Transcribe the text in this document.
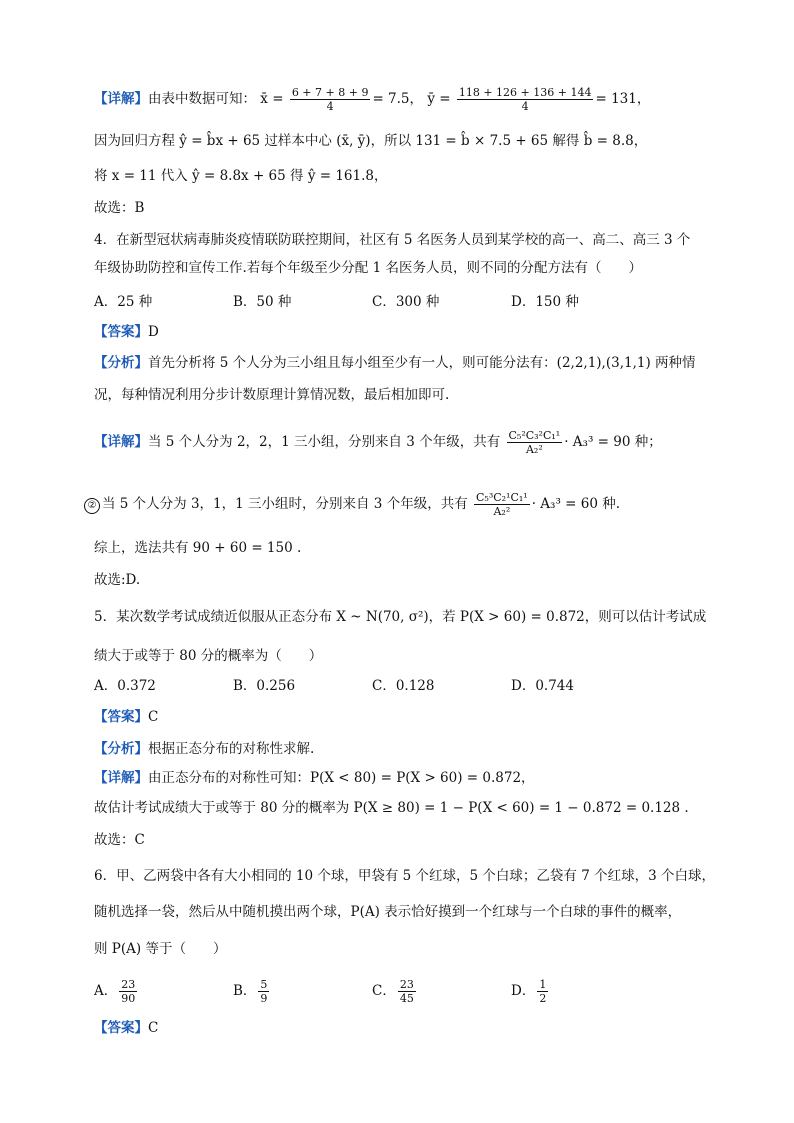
【详解】由表中数据可知： x̄ = $\frac{6 + 7 + 8 + 9}{4} = 7.5$， ȳ = $\frac{118 + 126 + 136 + 144}{4} = 131$，
因为回归方程 ŷ = b̂x + 65 过样本中心 (x̄, ȳ)，所以 131 = b̂ × 7.5 + 65 解得 b̂ = 8.8，
将 x = 11 代入 ŷ = 8.8x + 65 得 ŷ = 161.8，
故选：B
4．在新型冠状病毒肺炎疫情联防联控期间，社区有 5 名医务人员到某学校的高一、高二、高三 3 个
年级协助防控和宣传工作.若每个年级至少分配 1 名医务人员，则不同的分配方法有（　　）
A．25 种	B．50 种	C．300 种	D．150 种
【答案】D
【分析】首先分析将 5 个人分为三小组且每小组至少有一人，则可能分法有：(2,2,1),(3,1,1) 两种情
况，每种情况利用分步计数原理计算情况数，最后相加即可.
【详解】当 5 个人分为 2，2，1 三小组，分别来自 3 个年级，共有 $\frac{\text{C₅²C₃²C₁¹}}{\text{A₂²}} \cdot A_3^3 = 90$ 种；
② 当 5 个人分为 3，1，1 三小组时，分别来自 3 个年级，共有 $\frac{\text{C₅³C₂¹C₁¹}}{\text{A₂²}} \cdot A_3^3 = 60$ 种.
综上，选法共有 90 + 60 = 150 .
故选:D.
5．某次数学考试成绩近似服从正态分布 X ~ N(70, σ²)，若 P(X > 60) = 0.872，则可以估计考试成
绩大于或等于 80 分的概率为（　　）
A．0.372	B．0.256	C．0.128	D．0.744
【答案】C
【分析】根据正态分布的对称性求解.
【详解】由正态分布的对称性可知：P(X < 80) = P(X > 60) = 0.872，
故估计考试成绩大于或等于 80 分的概率为 P(X ≥ 80) = 1 − P(X < 60) = 1 − 0.872 = 0.128 .
故选：C
6．甲、乙两袋中各有大小相同的 10 个球，甲袋有 5 个红球，5 个白球；乙袋有 7 个红球，3 个白球，
随机选择一袋，然后从中随机摸出两个球，P(A) 表示恰好摸到一个红球与一个白球的事件的概率，
则 P(A) 等于（　　）
A． $\frac{23}{90}$	B． $\frac{5}{9}$	C． $\frac{23}{45}$	D． $\frac{1}{2}$
【答案】C
